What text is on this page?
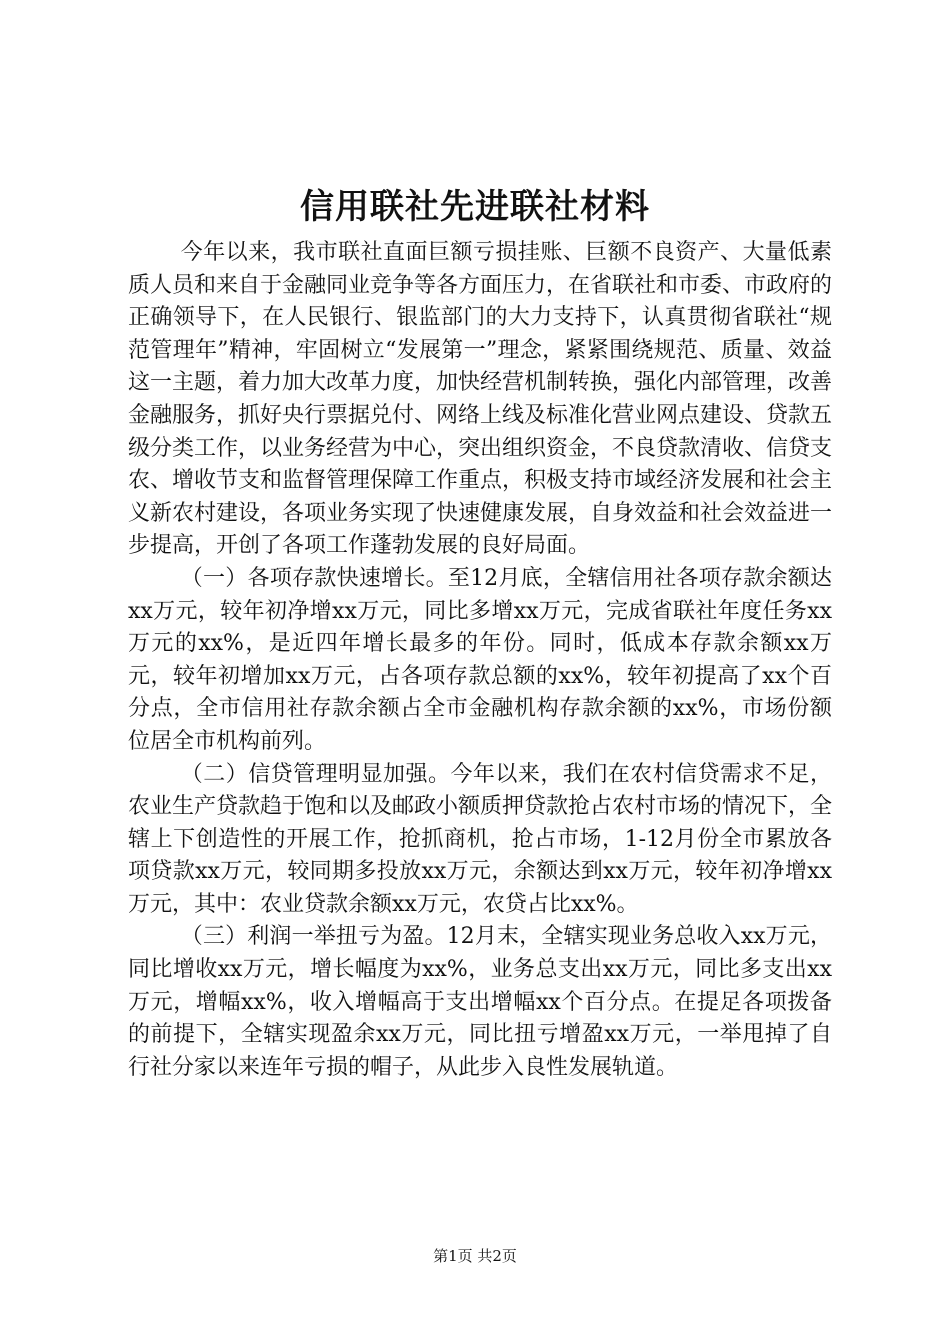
信用联社先进联社材料

今年以来，我市联社直面巨额亏损挂账、巨额不良资产、大量低素质人员和来自于金融同业竞争等各方面压力，在省联社和市委、市政府的正确领导下，在人民银行、银监部门的大力支持下，认真贯彻省联社“规范管理年”精神，牢固树立“发展第一”理念，紧紧围绕规范、质量、效益这一主题，着力加大改革力度，加快经营机制转换，强化内部管理，改善金融服务，抓好央行票据兑付、网络上线及标准化营业网点建设、贷款五级分类工作，以业务经营为中心，突出组织资金，不良贷款清收、信贷支农、增收节支和监督管理保障工作重点，积极支持市域经济发展和社会主义新农村建设，各项业务实现了快速健康发展，自身效益和社会效益进一步提高，开创了各项工作蓬勃发展的良好局面。

（一）各项存款快速增长。至12月底，全辖信用社各项存款余额达xx万元，较年初净增xx万元，同比多增xx万元，完成省联社年度任务xx万元的xx%，是近四年增长最多的年份。同时，低成本存款余额xx万元，较年初增加xx万元，占各项存款总额的xx%，较年初提高了xx个百分点，全市信用社存款余额占全市金融机构存款余额的xx%，市场份额位居全市机构前列。

（二）信贷管理明显加强。今年以来，我们在农村信贷需求不足，农业生产贷款趋于饱和以及邮政小额质押贷款抢占农村市场的情况下，全辖上下创造性的开展工作，抢抓商机，抢占市场，1-12月份全市累放各项贷款xx万元，较同期多投放xx万元，余额达到xx万元，较年初净增xx万元，其中：农业贷款余额xx万元，农贷占比xx%。

（三）利润一举扭亏为盈。12月末，全辖实现业务总收入xx万元，同比增收xx万元，增长幅度为xx%，业务总支出xx万元，同比多支出xx万元，增幅xx%，收入增幅高于支出增幅xx个百分点。在提足各项拨备的前提下，全辖实现盈余xx万元，同比扭亏增盈xx万元，一举甩掉了自行社分家以来连年亏损的帽子，从此步入良性发展轨道。

第1页 共2页
